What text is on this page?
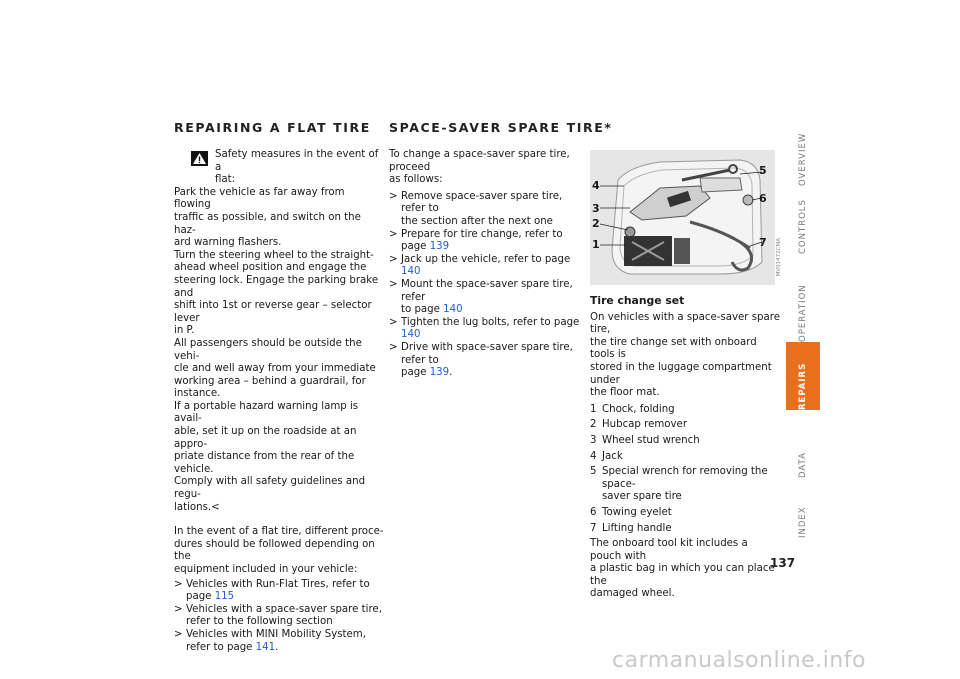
REPAIRING A FLAT TIRE

Safety measures in the event of a
flat:

Park the vehicle as far away from flowing
traffic as possible, and switch on the haz-
ard warning flashers.
Turn the steering wheel to the straight-
ahead wheel position and engage the
steering lock. Engage the parking brake and
shift into 1st or reverse gear – selector lever
in P.
All passengers should be outside the vehi-
cle and well away from your immediate
working area – behind a guardrail, for
instance.
If a portable hazard warning lamp is avail-
able, set it up on the roadside at an appro-
priate distance from the rear of the vehicle.
Comply with all safety guidelines and regu-
lations.<

In the event of a flat tire, different proce-
dures should be followed depending on the
equipment included in your vehicle:

> Vehicles with Run-Flat Tires, refer to
page 115

> Vehicles with a space-saver spare tire,
refer to the following section

> Vehicles with MINI Mobility System,
refer to page 141.

SPACE-SAVER SPARE TIRE*

To change a space-saver spare tire, proceed
as follows:

> Remove space-saver spare tire, refer to
the section after the next one

> Prepare for tire change, refer to page 139

> Jack up the vehicle, refer to page 140

> Mount the space-saver spare tire, refer
to page 140

> Tighten the lug bolts, refer to page 140

> Drive with space-saver spare tire, refer to
page 139.

4
3
2
1
5
6
7 MV01472CMA
Tire change set

On vehicles with a space-saver spare tire,
the tire change set with onboard tools is
stored in the luggage compartment under
the floor mat.

1 Chock, folding

2 Hubcap remover

3 Wheel stud wrench

4 Jack

5 Special wrench for removing the space-
saver spare tire

6 Towing eyelet

7 Lifting handle

The onboard tool kit includes a pouch with
a plastic bag in which you can place the
damaged wheel.

OVERVIEW
CONTROLS
OPERATION
REPAIRS
DATA
INDEX
137
carmanualsonline.info
